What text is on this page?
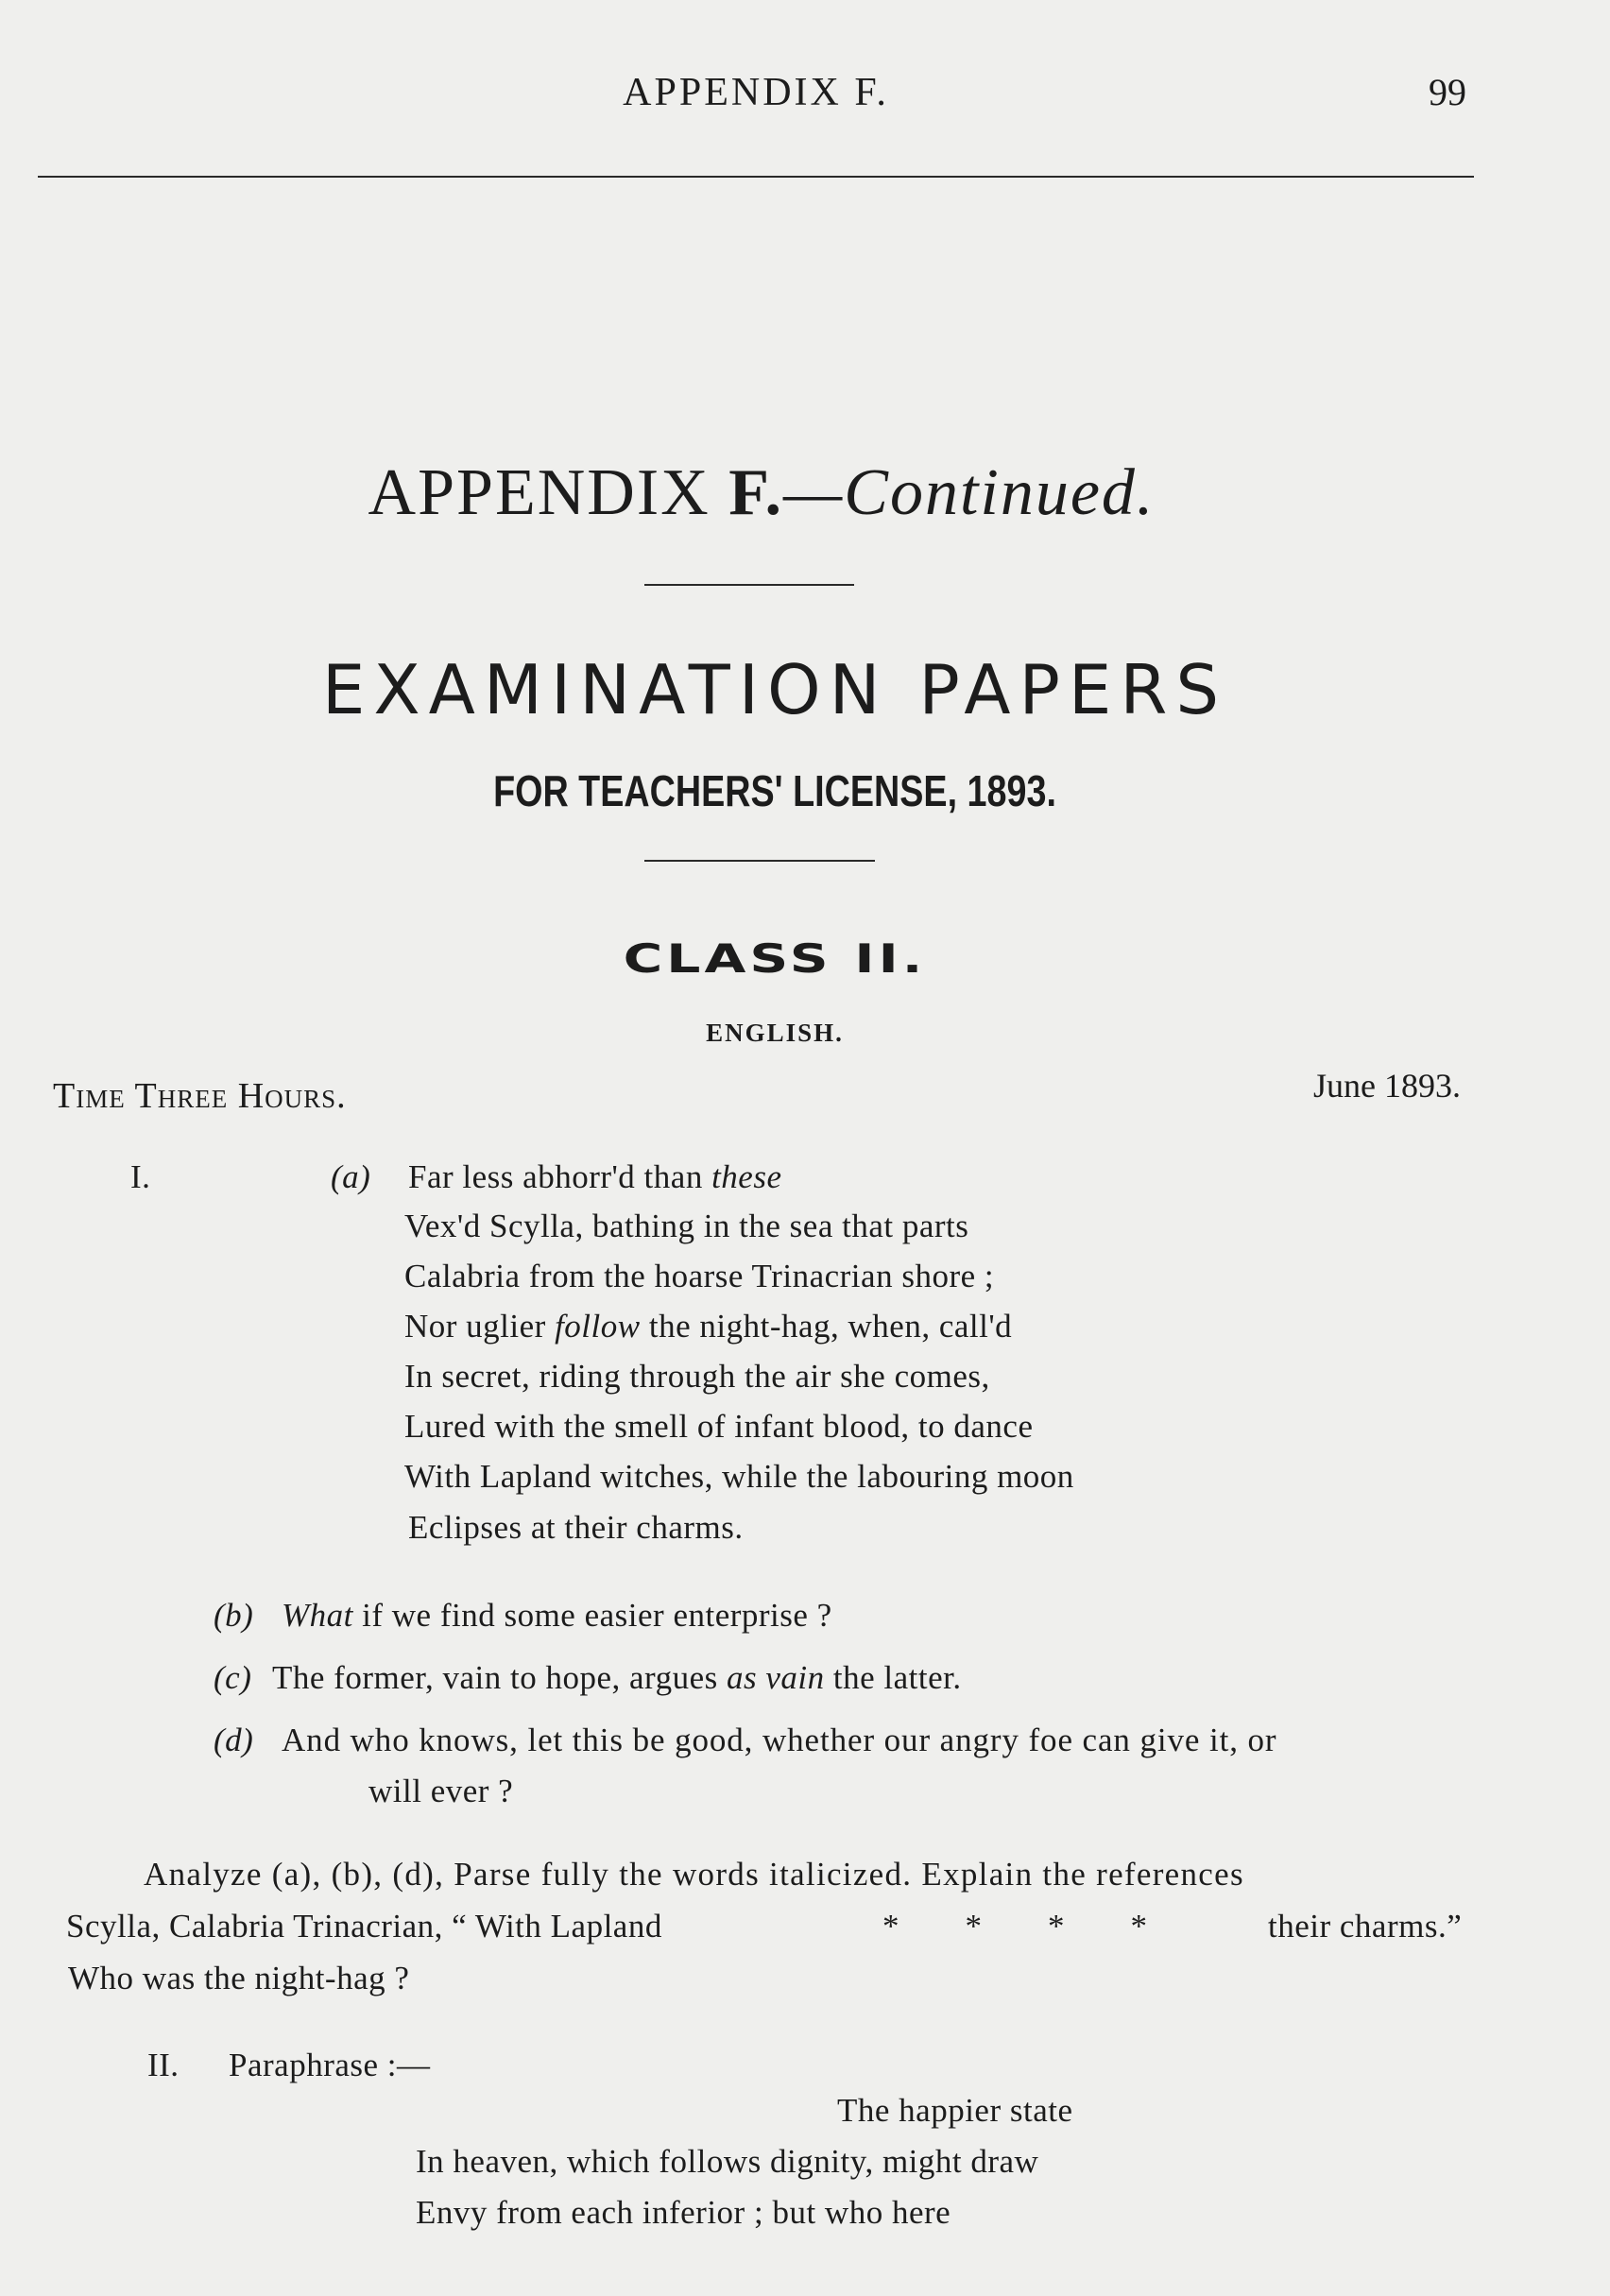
APPENDIX F.	99
APPENDIX F.—Continued.
EXAMINATION PAPERS
FOR TEACHERS' LICENSE, 1893.
CLASS II.
ENGLISH.
Time Three Hours.	June 1893.
I.	(a) Far less abhorr'd than these
Vex'd Scylla, bathing in the sea that parts
Calabria from the hoarse Trinacrian shore ;
Nor uglier follow the night-hag, when, call'd
In secret, riding through the air she comes,
Lured with the smell of infant blood, to dance
With Lapland witches, while the labouring moon
Eclipses at their charms.
(b) What if we find some easier enterprise ?
(c) The former, vain to hope, argues as vain the latter.
(d) And who knows, let this be good, whether our angry foe can give it, or
will ever ?
Analyze (a), (b), (d), Parse fully the words italicized. Explain the references
Scylla, Calabria Trinacrian, “ With Lapland	*        *        *        *	their charms.”
Who was the night-hag ?
II. Paraphrase :—
The happier state
In heaven, which follows dignity, might draw
Envy from each inferior ; but who here
